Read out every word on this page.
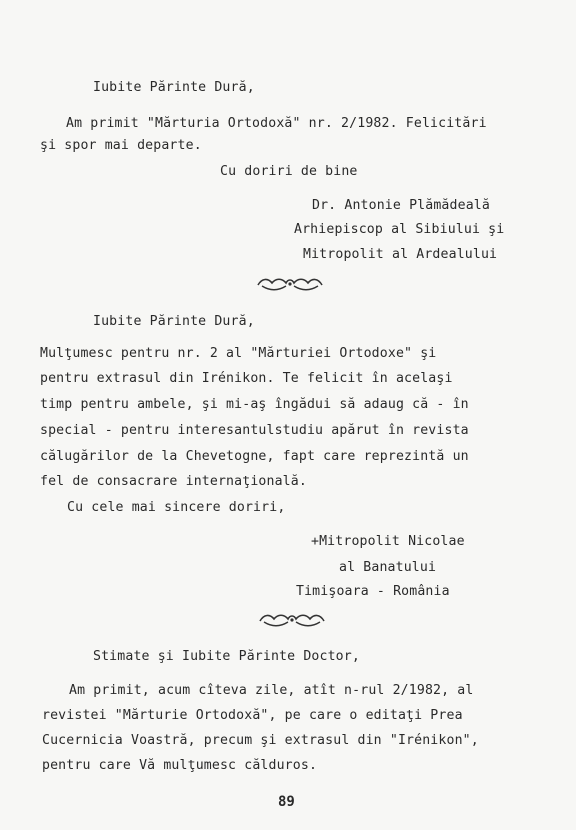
Iubite Părinte Dură,
Am primit "Mărturia Ortodoxă" nr. 2/1982. Felicitări
şi spor mai departe.
Cu doriri de bine
Dr. Antonie Plămădeală
Arhiepiscop al Sibiului şi
Mitropolit al Ardealului
Iubite Părinte Dură,
Mulţumesc pentru nr. 2 al "Mărturiei Ortodoxe" şi
pentru extrasul din Irénikon. Te felicit în acelaşi
timp pentru ambele, şi mi-aş îngădui să adaug că - în
special - pentru interesantulstudiu apărut în revista
călugărilor de la Chevetogne, fapt care reprezintă un
fel de consacrare internaţională.
Cu cele mai sincere doriri,
+Mitropolit Nicolae
al Banatului
Timişoara - România
Stimate şi Iubite Părinte Doctor,
Am primit, acum cîteva zile, atît n-rul 2/1982, al
revistei "Mărturie Ortodoxă", pe care o editaţi Prea
Cucernicia Voastră, precum şi extrasul din "Irénikon",
pentru care Vă mulţumesc călduros.
89
